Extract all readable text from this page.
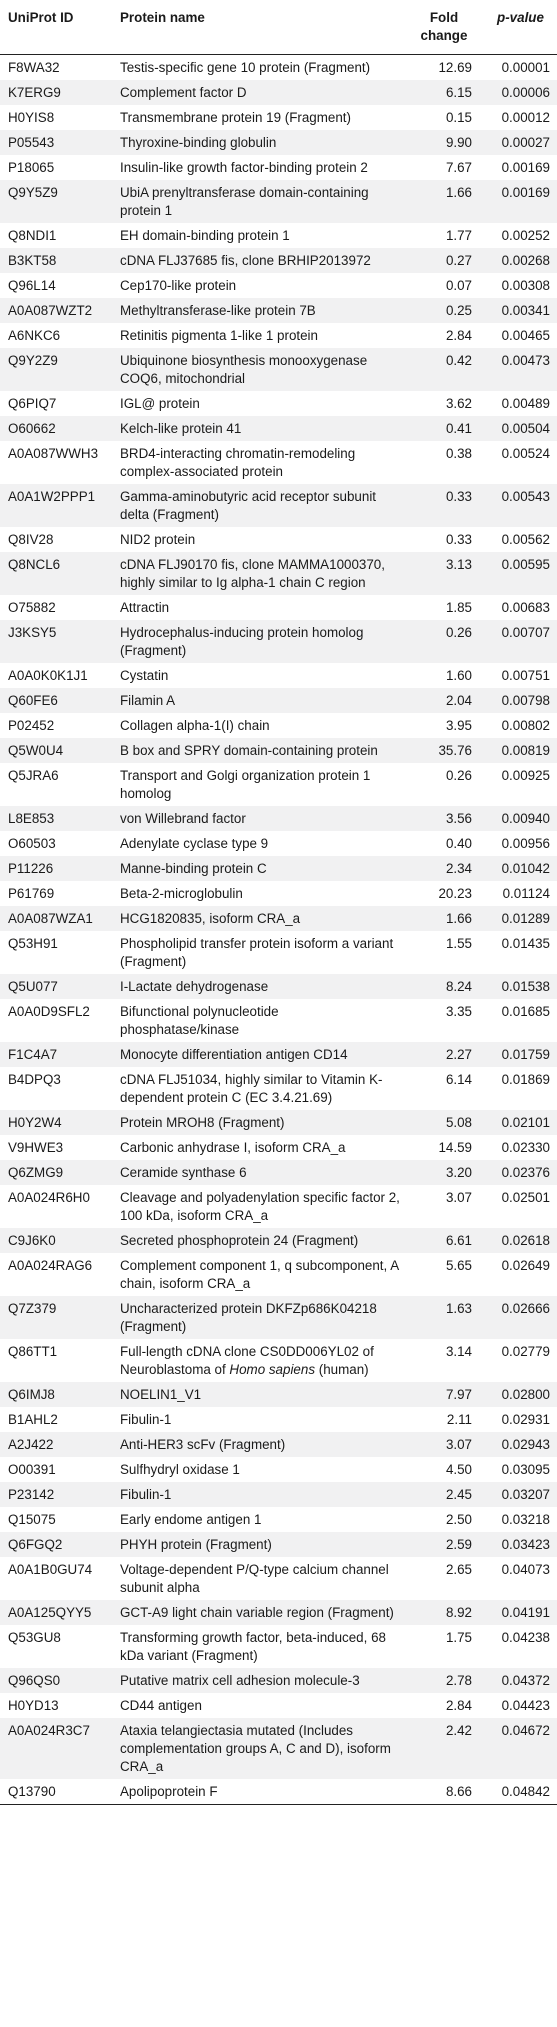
UniProt ID	Protein name	Fold change	p-value
F8WA32	Testis-specific gene 10 protein (Fragment)	12.69	0.00001
K7ERG9	Complement factor D	6.15	0.00006
H0YIS8	Transmembrane protein 19 (Fragment)	0.15	0.00012
P05543	Thyroxine-binding globulin	9.90	0.00027
P18065	Insulin-like growth factor-binding protein 2	7.67	0.00169
Q9Y5Z9	UbiA prenyltransferase domain-containing protein 1	1.66	0.00169
Q8NDI1	EH domain-binding protein 1	1.77	0.00252
B3KT58	cDNA FLJ37685 fis, clone BRHIP2013972	0.27	0.00268
Q96L14	Cep170-like protein	0.07	0.00308
A0A087WZT2	Methyltransferase-like protein 7B	0.25	0.00341
A6NKC6	Retinitis pigmenta 1-like 1 protein	2.84	0.00465
Q9Y2Z9	Ubiquinone biosynthesis monooxygenase COQ6, mitochondrial	0.42	0.00473
Q6PIQ7	IGL@ protein	3.62	0.00489
O60662	Kelch-like protein 41	0.41	0.00504
A0A087WWH3	BRD4-interacting chromatin-remodeling complex-associated protein	0.38	0.00524
A0A1W2PPP1	Gamma-aminobutyric acid receptor subunit delta (Fragment)	0.33	0.00543
Q8IV28	NID2 protein	0.33	0.00562
Q8NCL6	cDNA FLJ90170 fis, clone MAMMA1000370, highly similar to Ig alpha-1 chain C region	3.13	0.00595
O75882	Attractin	1.85	0.00683
J3KSY5	Hydrocephalus-inducing protein homolog (Fragment)	0.26	0.00707
A0A0K0K1J1	Cystatin	1.60	0.00751
Q60FE6	Filamin A	2.04	0.00798
P02452	Collagen alpha-1(I) chain	3.95	0.00802
Q5W0U4	B box and SPRY domain-containing protein	35.76	0.00819
Q5JRA6	Transport and Golgi organization protein 1 homolog	0.26	0.00925
L8E853	von Willebrand factor	3.56	0.00940
O60503	Adenylate cyclase type 9	0.40	0.00956
P11226	Manne-binding protein C	2.34	0.01042
P61769	Beta-2-microglobulin	20.23	0.01124
A0A087WZA1	HCG1820835, isoform CRA_a	1.66	0.01289
Q53H91	Phospholipid transfer protein isoform a variant (Fragment)	1.55	0.01435
Q5U077	I-Lactate dehydrogenase	8.24	0.01538
A0A0D9SFL2	Bifunctional polynucleotide phosphatase/kinase	3.35	0.01685
F1C4A7	Monocyte differentiation antigen CD14	2.27	0.01759
B4DPQ3	cDNA FLJ51034, highly similar to Vitamin K-dependent protein C (EC 3.4.21.69)	6.14	0.01869
H0Y2W4	Protein MROH8 (Fragment)	5.08	0.02101
V9HWE3	Carbonic anhydrase I, isoform CRA_a	14.59	0.02330
Q6ZMG9	Ceramide synthase 6	3.20	0.02376
A0A024R6H0	Cleavage and polyadenylation specific factor 2, 100 kDa, isoform CRA_a	3.07	0.02501
C9J6K0	Secreted phosphoprotein 24 (Fragment)	6.61	0.02618
A0A024RAG6	Complement component 1, q subcomponent, A chain, isoform CRA_a	5.65	0.02649
Q7Z379	Uncharacterized protein DKFZp686K04218 (Fragment)	1.63	0.02666
Q86TT1	Full-length cDNA clone CS0DD006YL02 of Neuroblastoma of Homo sapiens (human)	3.14	0.02779
Q6IMJ8	NOELIN1_V1	7.97	0.02800
B1AHL2	Fibulin-1	2.11	0.02931
A2J422	Anti-HER3 scFv (Fragment)	3.07	0.02943
O00391	Sulfhydryl oxidase 1	4.50	0.03095
P23142	Fibulin-1	2.45	0.03207
Q15075	Early endome antigen 1	2.50	0.03218
Q6FGQ2	PHYH protein (Fragment)	2.59	0.03423
A0A1B0GU74	Voltage-dependent P/Q-type calcium channel subunit alpha	2.65	0.04073
A0A125QYY5	GCT-A9 light chain variable region (Fragment)	8.92	0.04191
Q53GU8	Transforming growth factor, beta-induced, 68 kDa variant (Fragment)	1.75	0.04238
Q96QS0	Putative matrix cell adhesion molecule-3	2.78	0.04372
H0YD13	CD44 antigen	2.84	0.04423
A0A024R3C7	Ataxia telangiectasia mutated (Includes complementation groups A, C and D), isoform CRA_a	2.42	0.04672
Q13790	Apolipoprotein F	8.66	0.04842
